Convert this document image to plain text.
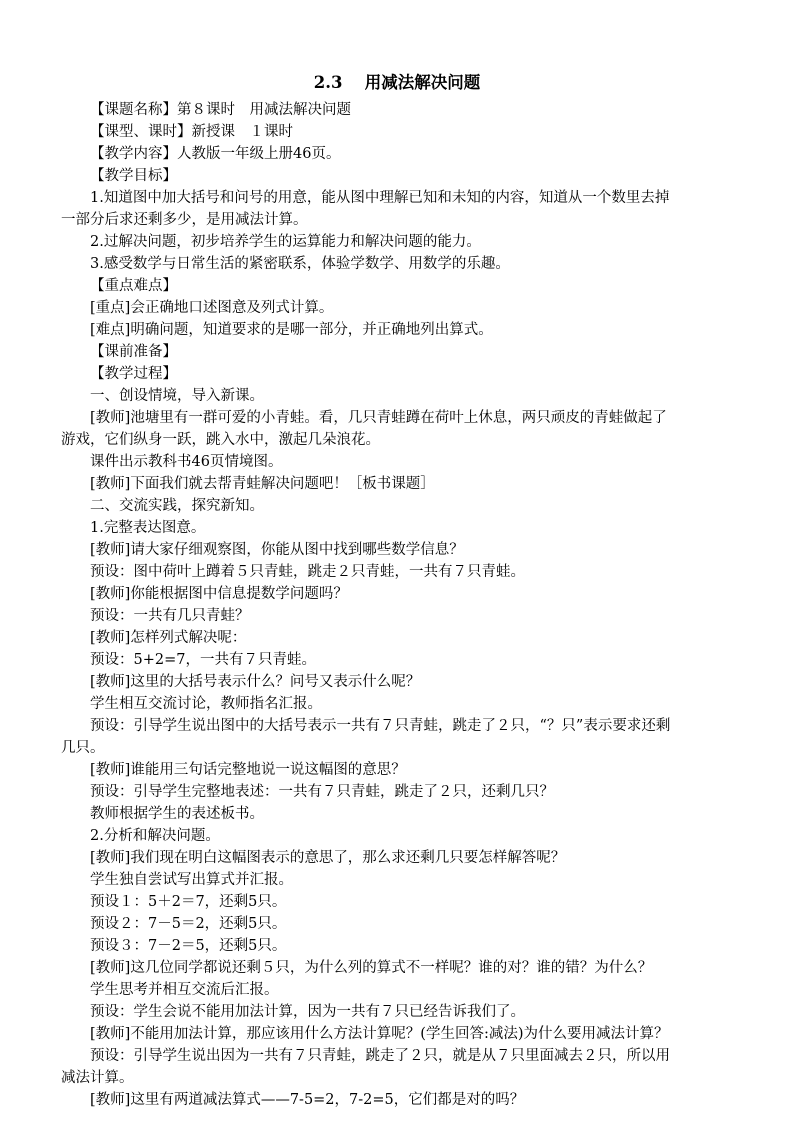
2.3　 用减法解决问题
【课题名称】第８课时　用减法解决问题
【课型、课时】新授课　１课时
【教学内容】人教版一年级上册46页。
【教学目标】
1.知道图中加大括号和问号的用意，能从图中理解已知和未知的内容，知道从一个数里去掉
一部分后求还剩多少，是用减法计算。
2.过解决问题，初步培养学生的运算能力和解决问题的能力。
3.感受数学与日常生活的紧密联系，体验学数学、用数学的乐趣。
【重点难点】
[重点]会正确地口述图意及列式计算。
[难点]明确问题，知道要求的是哪一部分，并正确地列出算式。
【课前准备】
【教学过程】
一、创设情境，导入新课。
[教师]池塘里有一群可爱的小青蛙。看，几只青蛙蹲在荷叶上休息，两只顽皮的青蛙做起了
游戏，它们纵身一跃，跳入水中，激起几朵浪花。
课件出示教科书46页情境图。
[教师]下面我们就去帮青蛙解决问题吧！［板书课题］
二、交流实践，探究新知。
1.完整表达图意。
[教师]请大家仔细观察图，你能从图中找到哪些数学信息？
预设：图中荷叶上蹲着５只青蛙，跳走２只青蛙，一共有７只青蛙。
[教师]你能根据图中信息提数学问题吗？
预设：一共有几只青蛙？
[教师]怎样列式解决呢：
预设：5+2=7，一共有７只青蛙。
[教师]这里的大括号表示什么？问号又表示什么呢？
学生相互交流讨论，教师指名汇报。
预设：引导学生说出图中的大括号表示一共有７只青蛙，跳走了２只，“？只”表示要求还剩
几只。
[教师]谁能用三句话完整地说一说这幅图的意思？
预设：引导学生完整地表述：一共有７只青蛙，跳走了２只，还剩几只？
教师根据学生的表述板书。
2.分析和解决问题。
[教师]我们现在明白这幅图表示的意思了，那么求还剩几只要怎样解答呢？
学生独自尝试写出算式并汇报。
预设１：5＋2＝7，还剩5只。
预设２：7－5＝2，还剩5只。
预设３：7－2＝5，还剩5只。
[教师]这几位同学都说还剩５只，为什么列的算式不一样呢？谁的对？谁的错？为什么？
学生思考并相互交流后汇报。
预设：学生会说不能用加法计算，因为一共有７只已经告诉我们了。
[教师]不能用加法计算，那应该用什么方法计算呢？(学生回答:减法)为什么要用减法计算？
预设：引导学生说出因为一共有７只青蛙，跳走了２只，就是从７只里面减去２只，所以用
减法计算。
[教师]这里有两道减法算式——7-5=2，7-2=5，它们都是对的吗？
